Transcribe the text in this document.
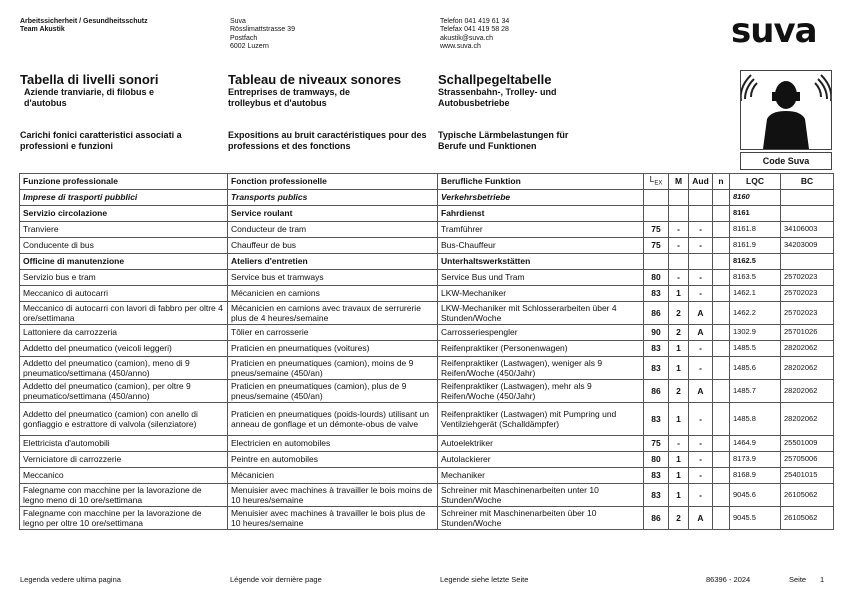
Arbeitssicherheit / Gesundheitsschutz
Team Akustik
Suva
Rösslimattstrasse 39
Postfach
6002 Luzern
Telefon 041 419 61 34
Telefax 041 419 58 28
akustik@suva.ch
www.suva.ch	suva
Tabella di livelli sonori
Aziende tranviarie, di filobus e d'autobus
Tableau de niveaux sonores
Entreprises de tramways, de trolleybus et d'autobus
Schallpegeltabelle
Strassenbahn-, Trolley- und Autobusbetriebe
Carichi fonici caratteristici associati a professioni e funzioni
Expositions au bruit caractéristiques pour des professions et des fonctions
Typische Lärmbelastungen für Berufe und Funktionen
Code Suva
Funzione professionale	Fonction professionelle	Berufliche Funktion	$L_{EX}$	M	Aud	n	LQC	BC
Imprese di trasporti pubblici	Transports publics	Verkehrsbetriebe					8160	
Servizio circolazione	Service roulant	Fahrdienst					8161	
Tranviere	Conducteur de tram	Tramführer	75	-	-		8161.8	34106003
Conducente di bus	Chauffeur de bus	Bus-Chauffeur	75	-	-		8161.9	34203009
Officine di manutenzione	Ateliers d'entretien	Unterhaltswerkstätten					8162.5	
Servizio bus e tram	Service bus et tramways	Service Bus und Tram	80	-	-		8163.5	25702023
Meccanico di autocarri	Mécanicien en camions	LKW-Mechaniker	83	1	-		1462.1	25702023
Meccanico di autocarri con lavori di fabbro per oltre 4 ore/settimana	Mécanicien en camions avec travaux de serrurerie plus de 4 heures/semaine	LKW-Mechaniker mit Schlosserarbeiten über 4 Stunden/Woche	86	2	A		1462.2	25702023
Lattoniere da carrozzeria	Tôlier en carrosserie	Carrosseriespengler	90	2	A		1302.9	25701026
Addetto del pneumatico (veicoli leggeri)	Praticien en pneumatiques (voitures)	Reifenpraktiker (Personenwagen)	83	1	-		1485.5	28202062
Addetto del pneumatico (camion), meno di 9 pneumatico/settimana (450/anno)	Praticien en pneumatiques (camion), moins de 9 pneus/semaine (450/an)	Reifenpraktiker (Lastwagen), weniger als 9 Reifen/Woche (450/Jahr)	83	1	-		1485.6	28202062
Addetto del pneumatico (camion), per oltre 9 pneumatico/settimana (450/anno)	Praticien en pneumatiques (camion), plus de 9 pneus/semaine (450/an)	Reifenpraktiker (Lastwagen), mehr als 9 Reifen/Woche (450/Jahr)	86	2	A		1485.7	28202062
Addetto del pneumatico (camion) con anello di gonfiaggio e estrattore di valvola (silenziatore)	Praticien en pneumatiques (poids-lourds) utilisant un anneau de gonflage et un démonte-obus de valve	Reifenpraktiker (Lastwagen) mit Pumpring und Ventilziehgerät (Schalldämpfer)	83	1	-		1485.8	28202062
Elettricista d'automobili	Electricien en automobiles	Autoelektriker	75	-	-		1464.9	25501009
Verniciatore di carrozzerie	Peintre en automobiles	Autolackierer	80	1	-		8173.9	25705006
Meccanico	Mécanicien	Mechaniker	83	1	-		8168.9	25401015
Falegname con macchine per la lavorazione de legno meno di 10 ore/settimana	Menuisier avec machines à travailler le bois moins de 10 heures/semaine	Schreiner mit Maschinenarbeiten unter 10 Stunden/Woche	83	1	-		9045.6	26105062
Falegname con macchine per la lavorazione de legno per oltre 10 ore/settimana	Menuisier avec machines à travailler le bois plus de 10 heures/semaine	Schreiner mit Maschinenarbeiten über 10 Stunden/Woche	86	2	A		9045.5	26105062
Legenda vedere ultima pagina	Légende voir dernière page	Legende siehe letzte Seite	86396 - 2024	Seite 1
